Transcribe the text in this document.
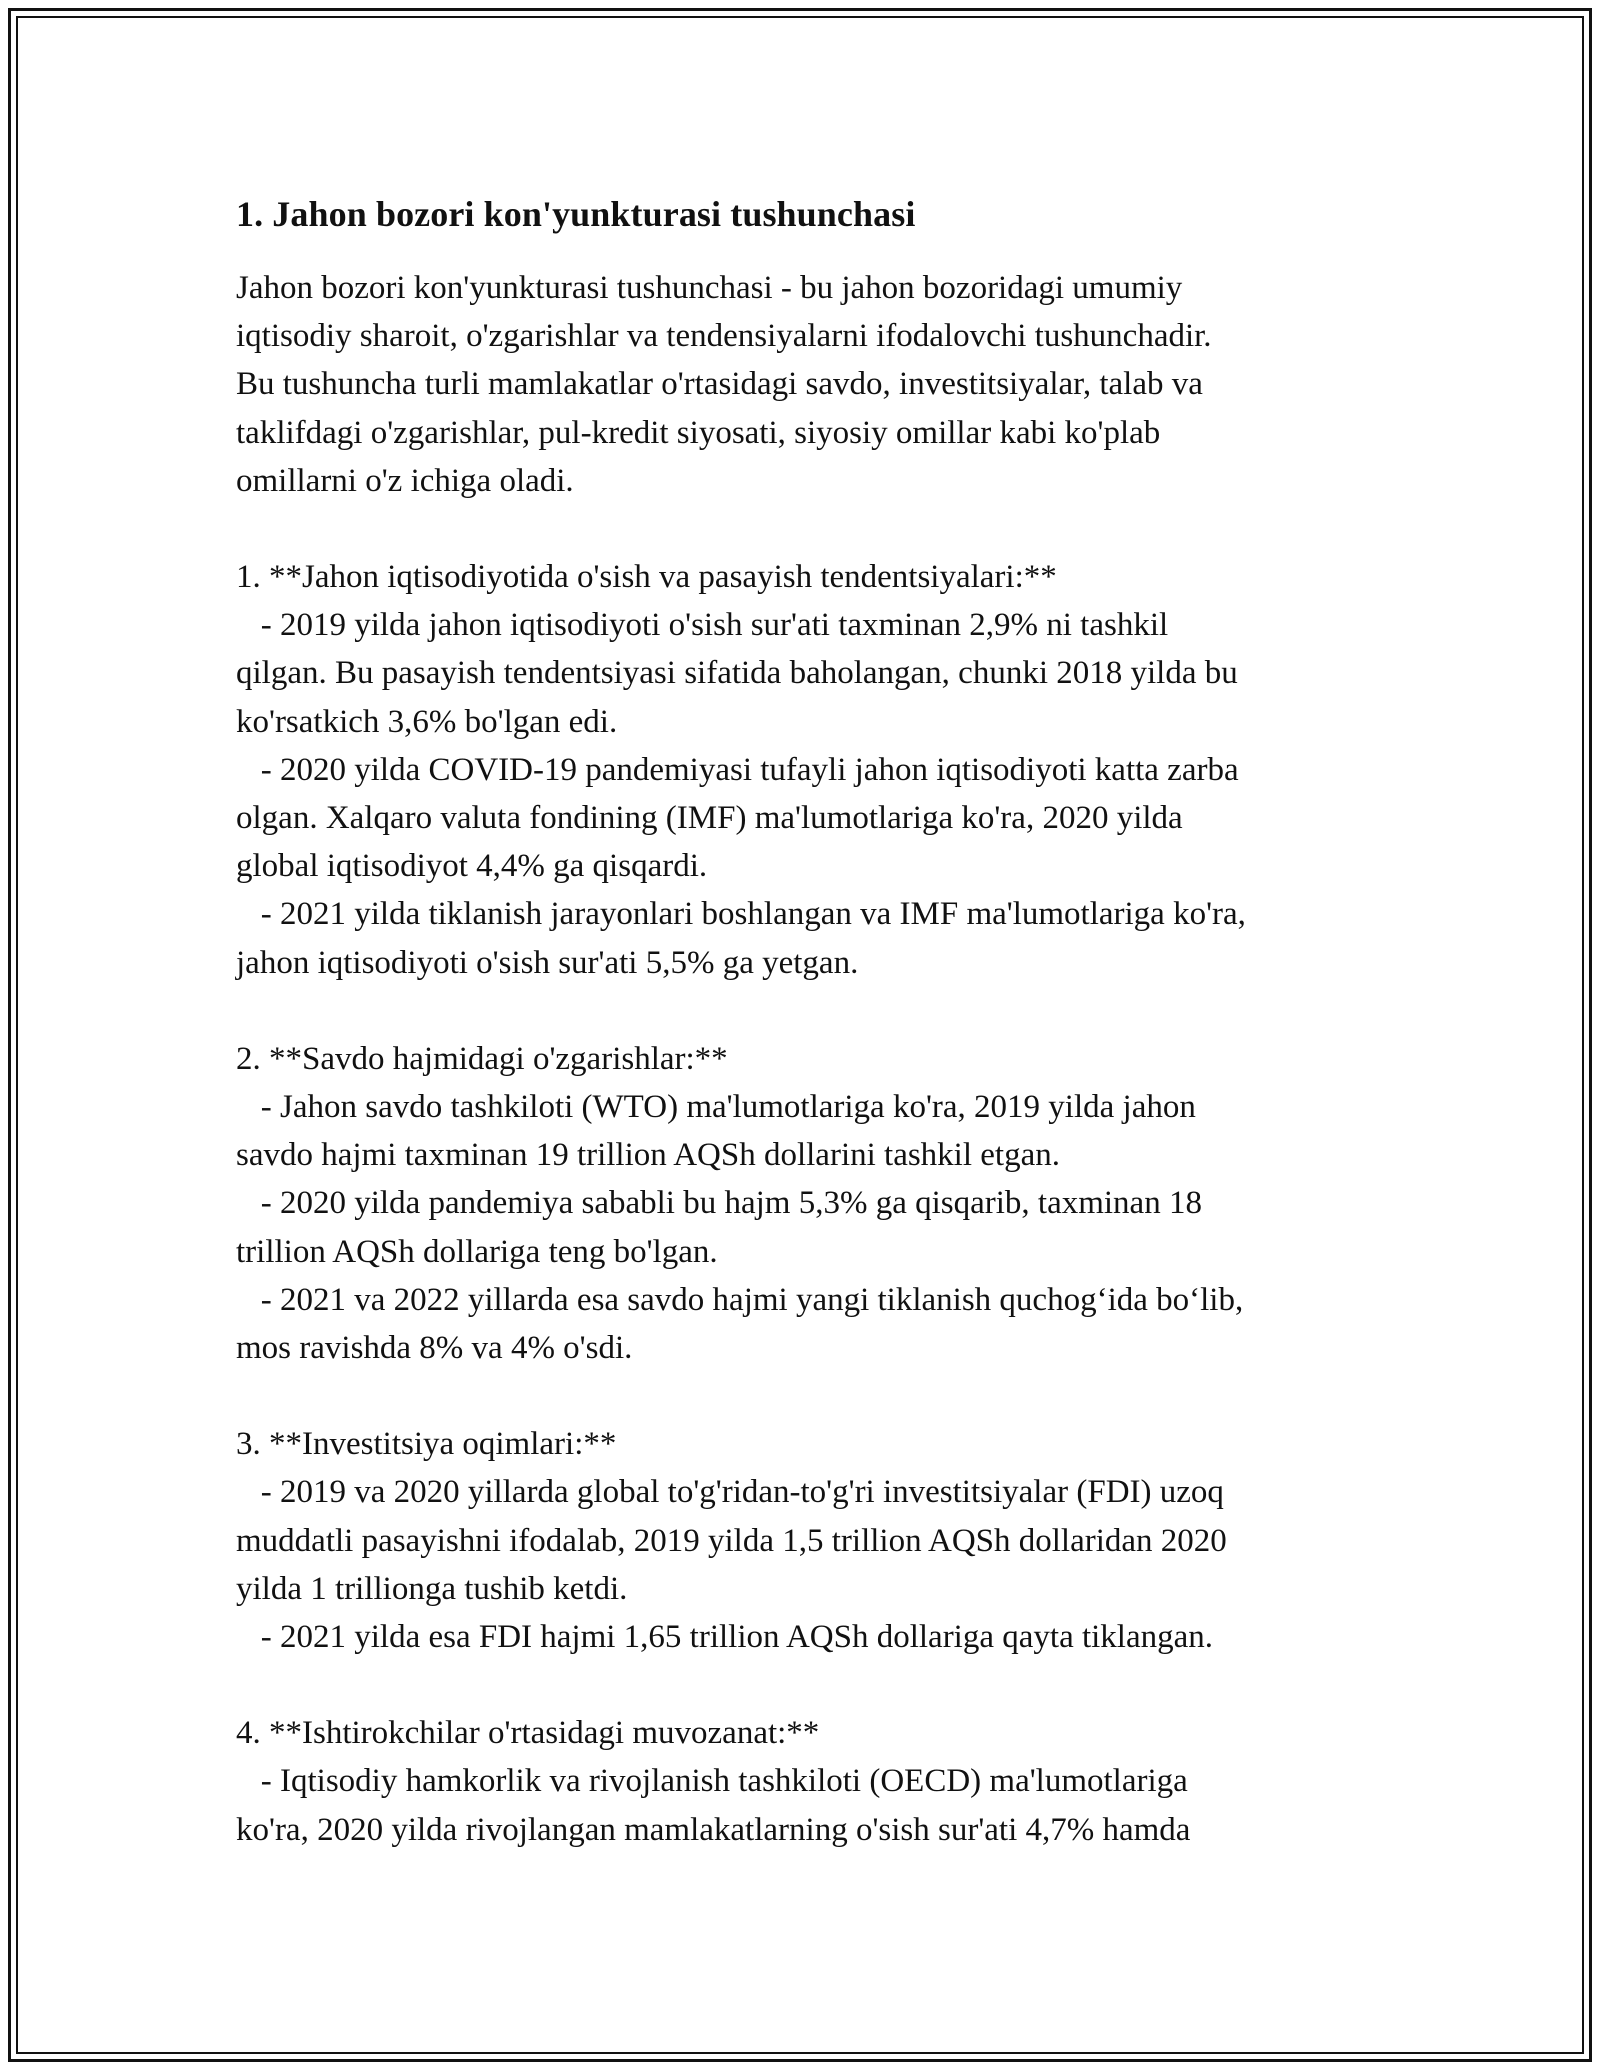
1. Jahon bozori kon'yunkturasi tushunchasi

Jahon bozori kon'yunkturasi tushunchasi - bu jahon bozoridagi umumiy
iqtisodiy sharoit, o'zgarishlar va tendensiyalarni ifodalovchi tushunchadir.
Bu tushuncha turli mamlakatlar o'rtasidagi savdo, investitsiyalar, talab va
taklifdagi o'zgarishlar, pul-kredit siyosati, siyosiy omillar kabi ko'plab
omillarni o'z ichiga oladi.

1. **Jahon iqtisodiyotida o'sish va pasayish tendentsiyalari:**
- 2019 yilda jahon iqtisodiyoti o'sish sur'ati taxminan 2,9% ni tashkil
qilgan. Bu pasayish tendentsiyasi sifatida baholangan, chunki 2018 yilda bu
ko'rsatkich 3,6% bo'lgan edi.
- 2020 yilda COVID-19 pandemiyasi tufayli jahon iqtisodiyoti katta zarba
olgan. Xalqaro valuta fondining (IMF) ma'lumotlariga ko'ra, 2020 yilda
global iqtisodiyot 4,4% ga qisqardi.
- 2021 yilda tiklanish jarayonlari boshlangan va IMF ma'lumotlariga ko'ra,
jahon iqtisodiyoti o'sish sur'ati 5,5% ga yetgan.

2. **Savdo hajmidagi o'zgarishlar:**
- Jahon savdo tashkiloti (WTO) ma'lumotlariga ko'ra, 2019 yilda jahon
savdo hajmi taxminan 19 trillion AQSh dollarini tashkil etgan.
- 2020 yilda pandemiya sababli bu hajm 5,3% ga qisqarib, taxminan 18
trillion AQSh dollariga teng bo'lgan.
- 2021 va 2022 yillarda esa savdo hajmi yangi tiklanish quchog‘ida bo‘lib,
mos ravishda 8% va 4% o'sdi.

3. **Investitsiya oqimlari:**
- 2019 va 2020 yillarda global to'g'ridan-to'g'ri investitsiyalar (FDI) uzoq
muddatli pasayishni ifodalab, 2019 yilda 1,5 trillion AQSh dollaridan 2020
yilda 1 trillionga tushib ketdi.
- 2021 yilda esa FDI hajmi 1,65 trillion AQSh dollariga qayta tiklangan.

4. **Ishtirokchilar o'rtasidagi muvozanat:**
- Iqtisodiy hamkorlik va rivojlanish tashkiloti (OECD) ma'lumotlariga
ko'ra, 2020 yilda rivojlangan mamlakatlarning o'sish sur'ati 4,7% hamda
